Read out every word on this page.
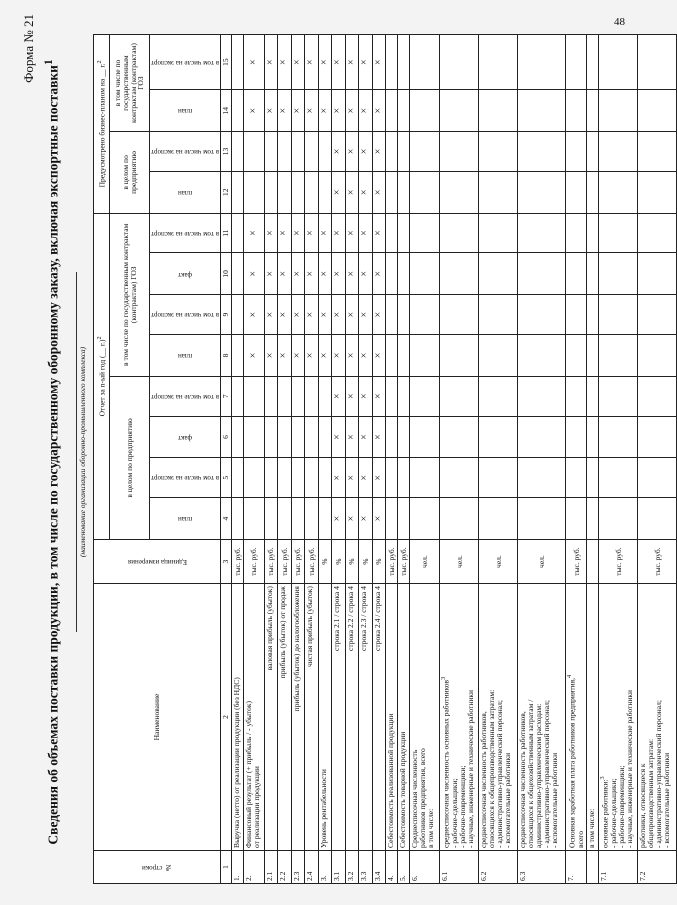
48
Форма № 21
Сведения об объемах поставки продукции, в том числе по государственному оборонному заказу, включая экспортные поставки$^1$
(наименование организации оборонно-промышленного комплекса)
№ строки	Наименование	Единица измерения	Отчет за n-ый год (__ г.)$^2$								Предусмотрено бизнес-планом на __ г.$^2$
			в целом по предприятию				в том числе по государственным контрактам (контрактам) ГОЗ				в целом по предприятию		в том числе по государственным контрактам (контрактам) ГОЗ	

			план	в том числе на экспорт	факт	в том числе на экспорт	план	в том числе на экспорт	факт	в том числе на экспорт	план	в том числе на экспорт	план	в том числе на экспорт

1	2	3	4	5	6	7	8	9	10	11	12	13	14	15
1.	Выручка (нетто) от реализации продукции (без НДС)	тыс. руб.												
2.	Финансовый результат (+ прибыль / - убыток)
от реализации продукции	тыс. руб.					×	×	×	×			×	×
2.1	валовая прибыль (убыток)	тыс. руб.					×	×	×	×			×	×
2.2	прибыль (убыток) от продаж	тыс. руб.					×	×	×	×			×	×
2.3	прибыль (убыток) до налогообложения	тыс. руб.					×	×	×	×			×	×
2.4	чистая прибыль (убыток)	тыс. руб.					×	×	×	×			×	×
3.	Уровень рентабельности	%					×	×	×	×			×	×
3.1	строка 2.1 / строка 4	%	×	×	×	×	×	×	×	×	×	×	×	×
3.2	строка 2.2 / строка 4	%	×	×	×	×	×	×	×	×	×	×	×	×
3.3	строка 2.3 / строка 4	%	×	×	×	×	×	×	×	×	×	×	×	×
3.4	строка 2.4 / строка 4	%	×	×	×	×	×	×	×	×	×	×	×	×
4.	Себестоимость реализованной продукции	тыс. руб.												
5.	Себестоимость товарной продукции	тыс. руб.												
6.	Среднесписочная численность
работников предприятия, всего
в том числе:	чел.												
6.1	среднесписочная численность основных работников$^3$
- рабочие-сдельщики;
- рабочие-повременщики;
- научные, инженерные и технические работники	чел.												
6.2	среднесписочная численность работников,
относящихся к общепроизводственным затратам:
- административно-управленческий персонал;
- вспомогательные работники	чел.												
6.3	среднесписочная численность работников,
относящихся к общехозяйственным затратам /
административно-управленческим расходам:
- административно-управленческий персонал;
- вспомогательные работники	чел.												
7.	Основная заработная плата работников предприятия,$^4$
всего	тыс. руб.												

	в том числе:													

7.1	основные работники:$^3$
- рабочие-сдельщики;
- рабочие-повременщики;
- научные, инженерные и технические работники	тыс. руб.												
7.2	работники, относящиеся к
общепроизводственным затратам:
- административно-управленческий персонал;
- вспомогательные работники	тыс. руб.												
